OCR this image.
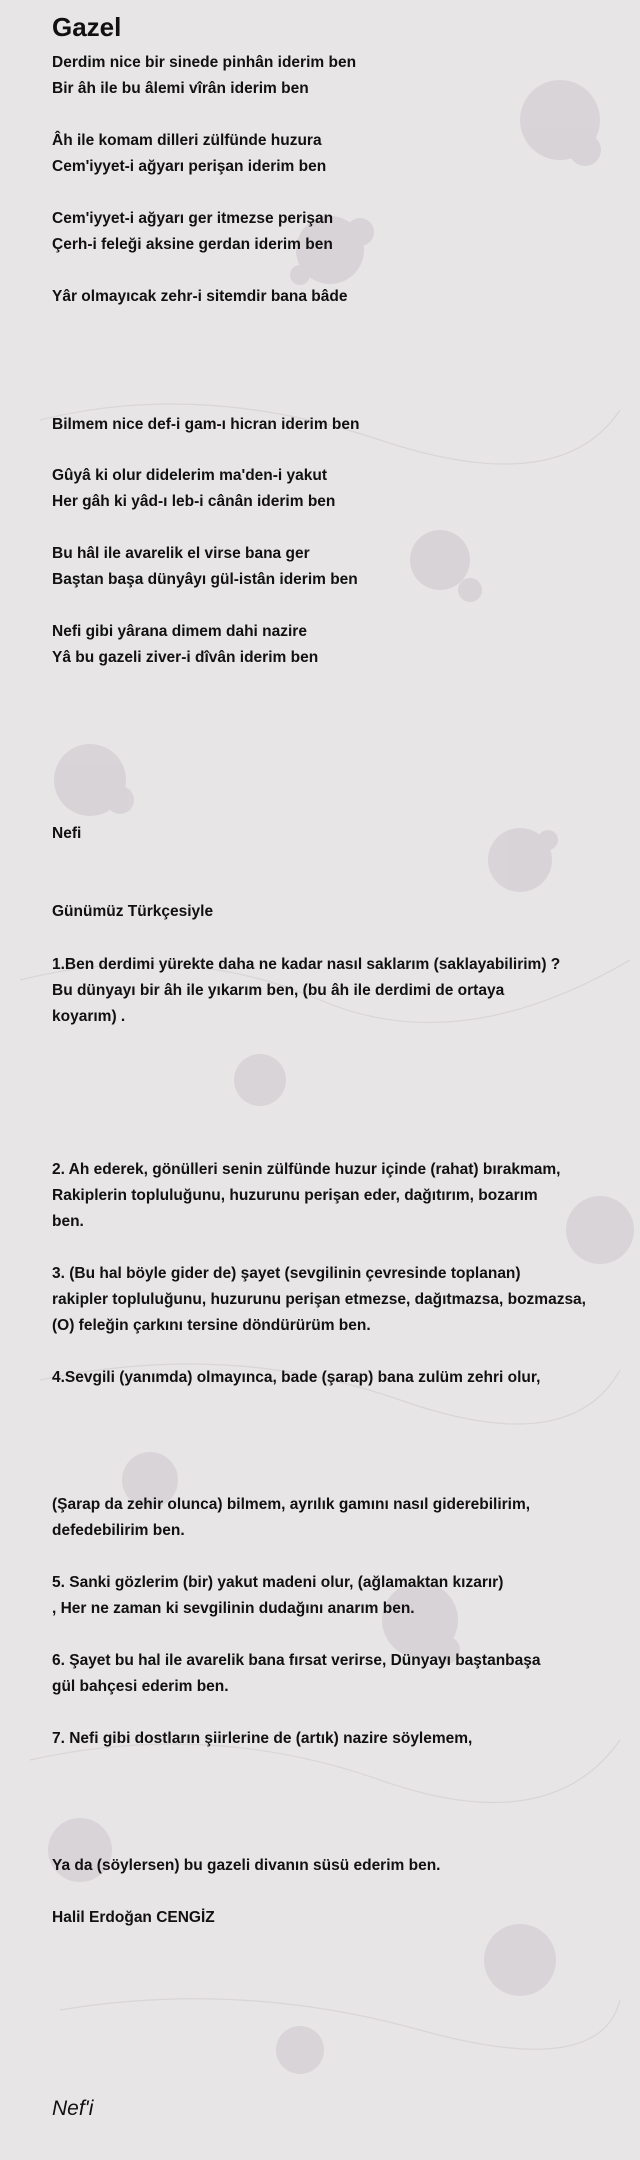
Gazel

Derdim nice bir sinede pinhân iderim ben

Bir âh ile bu âlemi vîrân iderim ben

Âh ile komam dilleri zülfünde huzura

Cem'iyyet-i ağyarı perişan iderim ben

Cem'iyyet-i ağyarı ger itmezse perişan

Çerh-i feleği aksine gerdan iderim ben

Yâr olmayıcak zehr-i sitemdir bana bâde

Bilmem nice def-i gam-ı hicran iderim ben

Gûyâ ki olur didelerim ma'den-i yakut

Her gâh ki yâd-ı leb-i cânân iderim ben

Bu hâl ile avarelik el virse bana ger

Baştan başa dünyâyı gül-istân iderim ben

Nefi gibi yârana dimem dahi nazire

Yâ bu gazeli ziver-i dîvân iderim ben

Nefi

Günümüz Türkçesiyle

1.Ben derdimi yürekte daha ne kadar nasıl saklarım (saklayabilirim) ?

Bu dünyayı bir âh ile yıkarım ben, (bu âh ile derdimi de ortaya

koyarım) .

2. Ah ederek, gönülleri senin zülfünde huzur içinde (rahat) bırakmam,

Rakiplerin topluluğunu, huzurunu perişan eder, dağıtırım, bozarım

ben.

3. (Bu hal böyle gider de) şayet (sevgilinin çevresinde toplanan)

rakipler topluluğunu, huzurunu perişan etmezse, dağıtmazsa, bozmazsa,

(O) feleğin çarkını tersine döndürürüm ben.

4.Sevgili (yanımda) olmayınca, bade (şarap) bana zulüm zehri olur,

(Şarap da zehir olunca) bilmem, ayrılık gamını nasıl giderebilirim,

defedebilirim ben.

5. Sanki gözlerim (bir) yakut madeni olur, (ağlamaktan kızarır)

, Her ne zaman ki sevgilinin dudağını anarım ben.

6. Şayet bu hal ile avarelik bana fırsat verirse, Dünyayı baştanbaşa

gül bahçesi ederim ben.

7. Nefi gibi dostların şiirlerine de (artık) nazire söylemem,

Ya da (söylersen) bu gazeli divanın süsü ederim ben.

Halil Erdoğan CENGİZ

Nef'i
